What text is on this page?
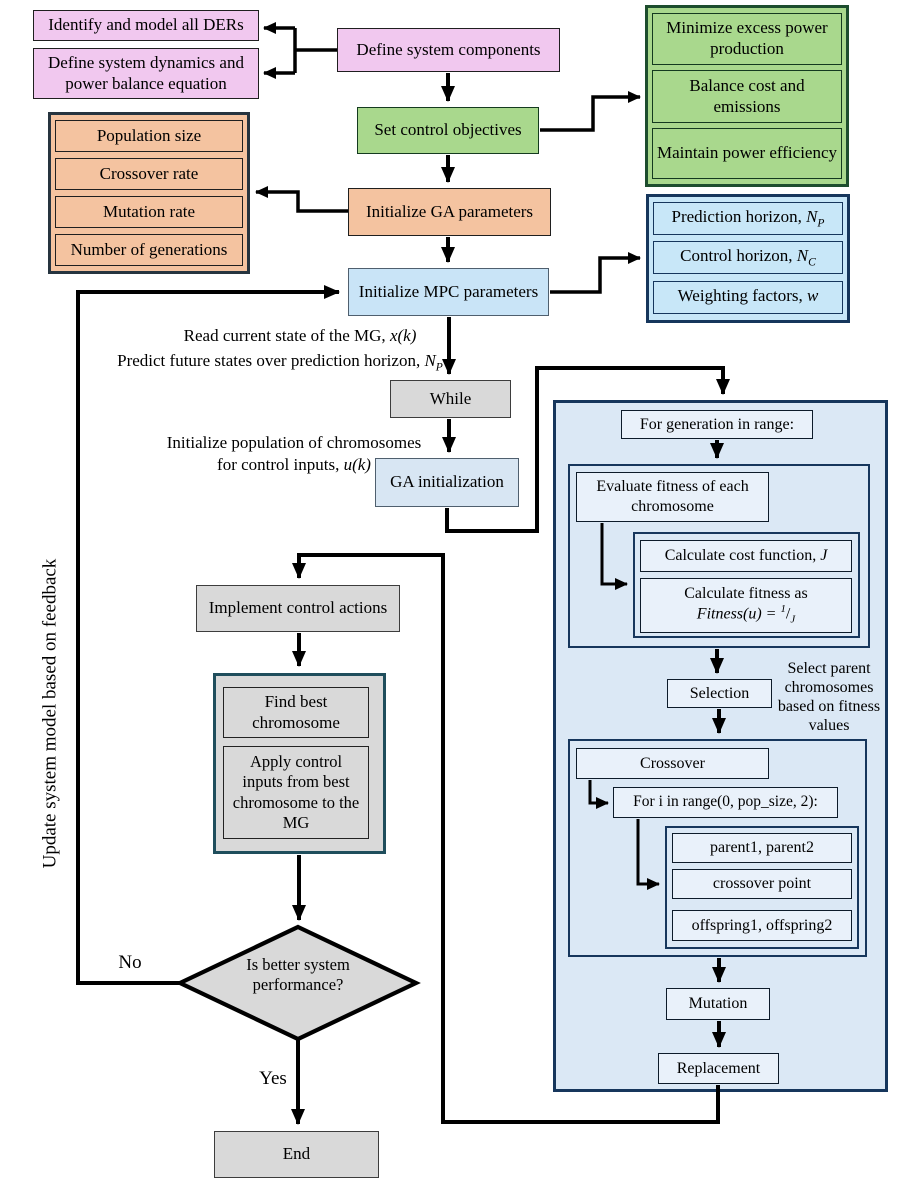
Identify and model all DERs
Define system dynamics and power balance equation
Population size
Crossover rate
Mutation rate
Number of generations
Define system components
Set control objectives
Initialize GA parameters
Initialize MPC parameters
While
GA initialization
Minimize excess power production
Balance cost and emissions
Maintain power efficiency
Prediction horizon, $N_P$
Control horizon, $N_C$
Weighting factors, w
Read current state of the MG, x(k)
Predict future states over prediction horizon, $N_P$
Initialize population of chromosomes
for control inputs, u(k)
Update system model based on feedback
No
Yes
For generation in range:
Evaluate fitness of each chromosome
Calculate cost function, J
Calculate fitness as
Fitness(u) = $^1/_J$
Selection
Select parent chromosomes based on fitness values
Crossover
For i in range(0, pop_size, 2):
parent1, parent2
crossover point
offspring1, offspring2
Mutation
Replacement
Implement control actions
Find best chromosome
Apply control inputs from best chromosome to the MG
Is better system performance?
End
